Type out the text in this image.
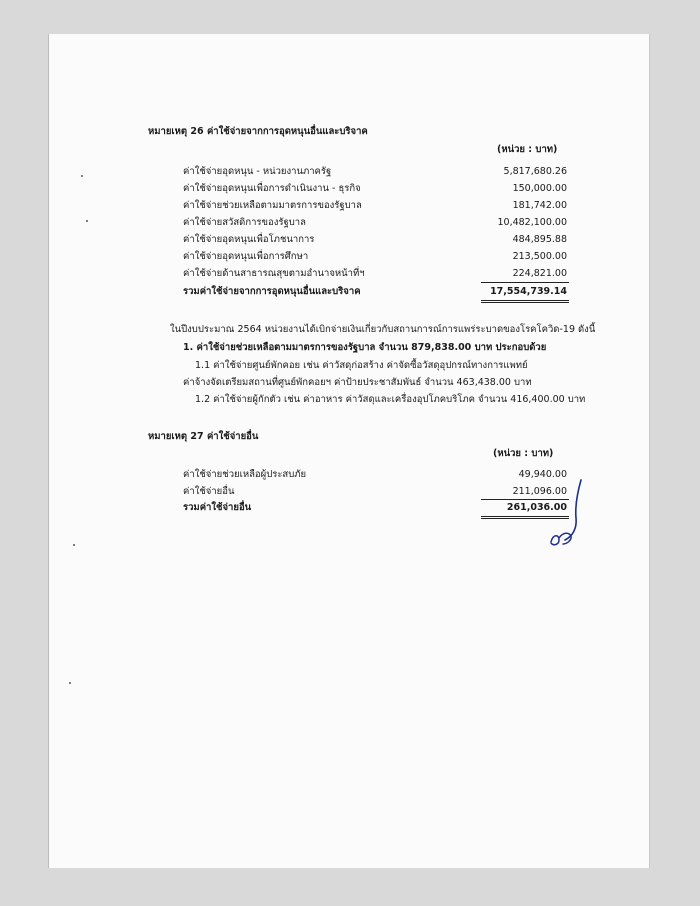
หมายเหตุ 26 ค่าใช้จ่ายจากการอุดหนุนอื่นและบริจาค
(หน่วย : บาท)
ค่าใช้จ่ายอุดหนุน - หน่วยงานภาครัฐ	5,817,680.26
ค่าใช้จ่ายอุดหนุนเพื่อการดำเนินงาน - ธุรกิจ	150,000.00
ค่าใช้จ่ายช่วยเหลือตามมาตรการของรัฐบาล	181,742.00
ค่าใช้จ่ายสวัสดิการของรัฐบาล	10,482,100.00
ค่าใช้จ่ายอุดหนุนเพื่อโภชนาการ	484,895.88
ค่าใช้จ่ายอุดหนุนเพื่อการศึกษา	213,500.00
ค่าใช้จ่ายด้านสาธารณสุขตามอำนาจหน้าที่ฯ	224,821.00
รวมค่าใช้จ่ายจากการอุดหนุนอื่นและบริจาค	17,554,739.14
ในปีงบประมาณ 2564 หน่วยงานได้เบิกจ่ายเงินเกี่ยวกับสถานการณ์การแพร่ระบาดของโรคโควิด-19 ดังนี้
1. ค่าใช้จ่ายช่วยเหลือตามมาตรการของรัฐบาล จำนวน 879,838.00 บาท ประกอบด้วย
1.1 ค่าใช้จ่ายศูนย์พักคอย เช่น ค่าวัสดุก่อสร้าง ค่าจัดซื้อวัสดุอุปกรณ์ทางการแพทย์
ค่าจ้างจัดเตรียมสถานที่ศูนย์พักคอยฯ ค่าป้ายประชาสัมพันธ์ จำนวน 463,438.00 บาท
1.2 ค่าใช้จ่ายผู้กักตัว เช่น ค่าอาหาร ค่าวัสดุและเครื่องอุปโภคบริโภค จำนวน 416,400.00 บาท
หมายเหตุ 27 ค่าใช้จ่ายอื่น
(หน่วย : บาท)
ค่าใช้จ่ายช่วยเหลือผู้ประสบภัย	49,940.00
ค่าใช้จ่ายอื่น	211,096.00
รวมค่าใช้จ่ายอื่น	261,036.00
